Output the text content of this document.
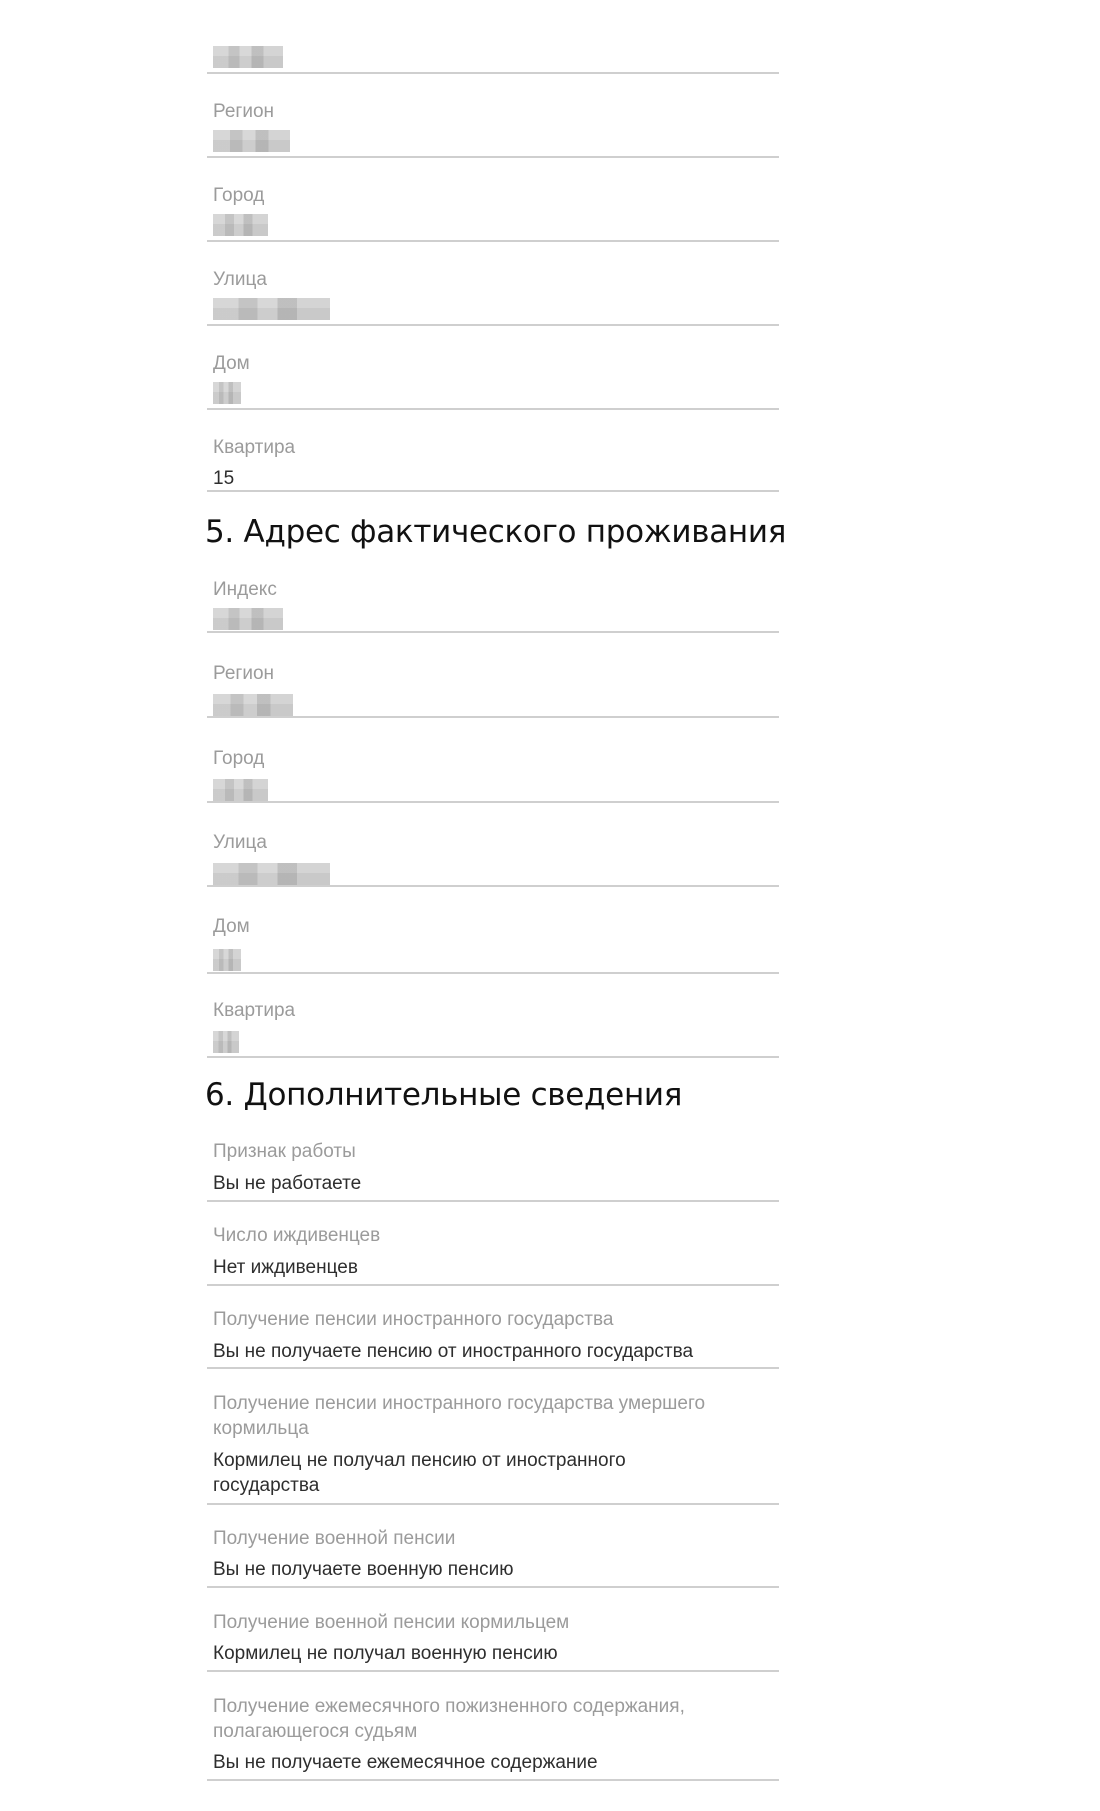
Регион
Город
Улица
Дом
Квартира
15
5. Адрес фактического проживания
Индекс
Регион
Город
Улица
Дом
Квартира
6. Дополнительные сведения
Признак работы
Вы не работаете
Число иждивенцев
Нет иждивенцев
Получение пенсии иностранного государства
Вы не получаете пенсию от иностранного государства
Получение пенсии иностранного государства умершего кормильца
Кормилец не получал пенсию от иностранного государства
Получение военной пенсии
Вы не получаете военную пенсию
Получение военной пенсии кормильцем
Кормилец не получал военную пенсию
Получение ежемесячного пожизненного содержания, полагающегося судьям
Вы не получаете ежемесячное содержание
